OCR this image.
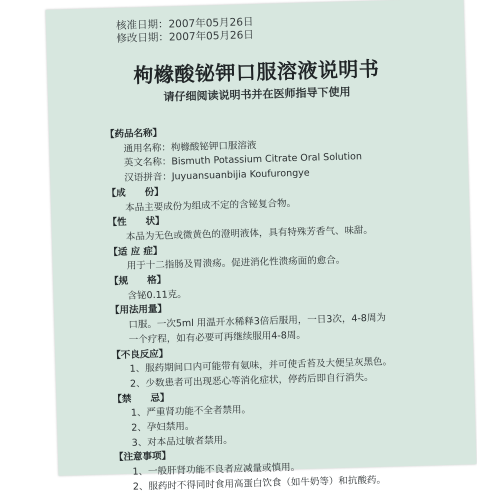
核准日期：2007年05月26日
修改日期：2007年05月26日
枸橼酸铋钾口服溶液说明书
请仔细阅读说明书并在医师指导下使用
【药品名称】
通用名称：枸橼酸铋钾口服溶液
英文名称：Bismuth Potassium Citrate Oral Solution
汉语拼音：Juyuansuanbijia Koufurongye
【成　　份】
本品主要成份为组成不定的含铋复合物。
【性　　状】
本品为无色或微黄色的澄明液体，具有特殊芳香气、味甜。
【适 应 症】
用于十二指肠及胃溃疡。促进消化性溃疡面的愈合。
【规　　格】
含铋0.11克。
【用法用量】
口服。一次5ml 用温开水稀释3倍后服用，一日3次，4-8周为
一个疗程，如有必要可再继续服用4-8周。
【不良反应】
1、服药期间口内可能带有氨味，并可使舌苔及大便呈灰黑色。
2、少数患者可出现恶心等消化症状，停药后即自行消失。
【禁　　忌】
1、严重肾功能不全者禁用。
2、孕妇禁用。
3、对本品过敏者禁用。
【注意事项】
1、一般肝肾功能不良者应减量或慎用。
2、服药时不得同时食用高蛋白饮食（如牛奶等）和抗酸药。
